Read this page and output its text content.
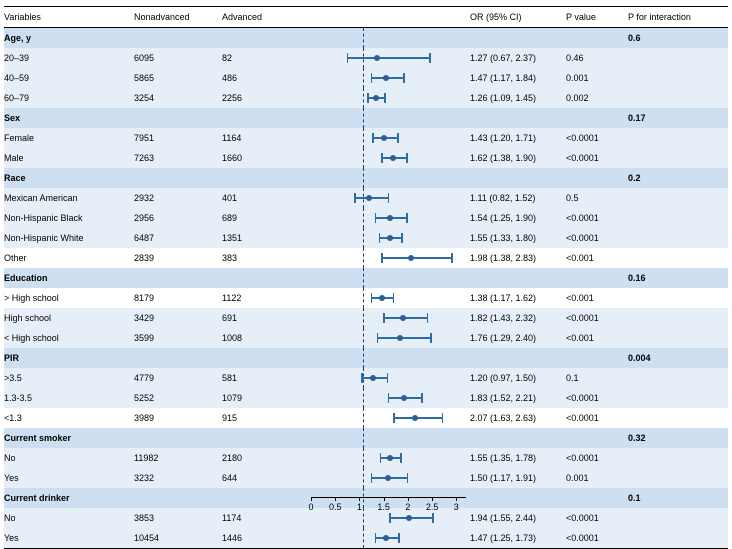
Variables	Nonadvanced	Advanced		OR (95% CI)	P value	P for interaction
Age, y						0.6
20–39	6095	82		1.27 (0.67, 2.37)	0.46	
40–59	5865	486		1.47 (1.17, 1.84)	0.001	
60–79	3254	2256		1.26 (1.09, 1.45)	0.002	
Sex						0.17
Female	7951	1164		1.43 (1.20, 1.71)	<0.0001	
Male	7263	1660		1.62 (1.38, 1.90)	<0.0001	
Race						0.2
Mexican American	2932	401		1.11 (0.82, 1.52)	0.5	
Non-Hispanic Black	2956	689		1.54 (1.25, 1.90)	<0.0001	
Non-Hispanic White	6487	1351		1.55 (1.33, 1.80)	<0.0001	
Other	2839	383		1.98 (1.38, 2.83)	<0.001	
Education						0.16
> High school	8179	1122		1.38 (1.17, 1.62)	<0.001	
High school	3429	691		1.82 (1.43, 2.32)	<0.0001	
< High school	3599	1008		1.76 (1.29, 2.40)	<0.001	
PIR						0.004
>3.5	4779	581		1.20 (0.97, 1.50)	0.1	
1.3-3.5	5252	1079		1.83 (1.52, 2.21)	<0.0001	
<1.3	3989	915		2.07 (1.63, 2.63)	<0.0001	
Current smoker						0.32
No	11982	2180		1.55 (1.35, 1.78)	<0.0001	
Yes	3232	644		1.50 (1.17, 1.91)	0.001	
Current drinker						0.1
No	3853	1174		1.94 (1.55, 2.44)	<0.0001	
Yes	10454	1446		1.47 (1.25, 1.73)	<0.0001	
0 0.5 1 1.5 2 2.5 3
